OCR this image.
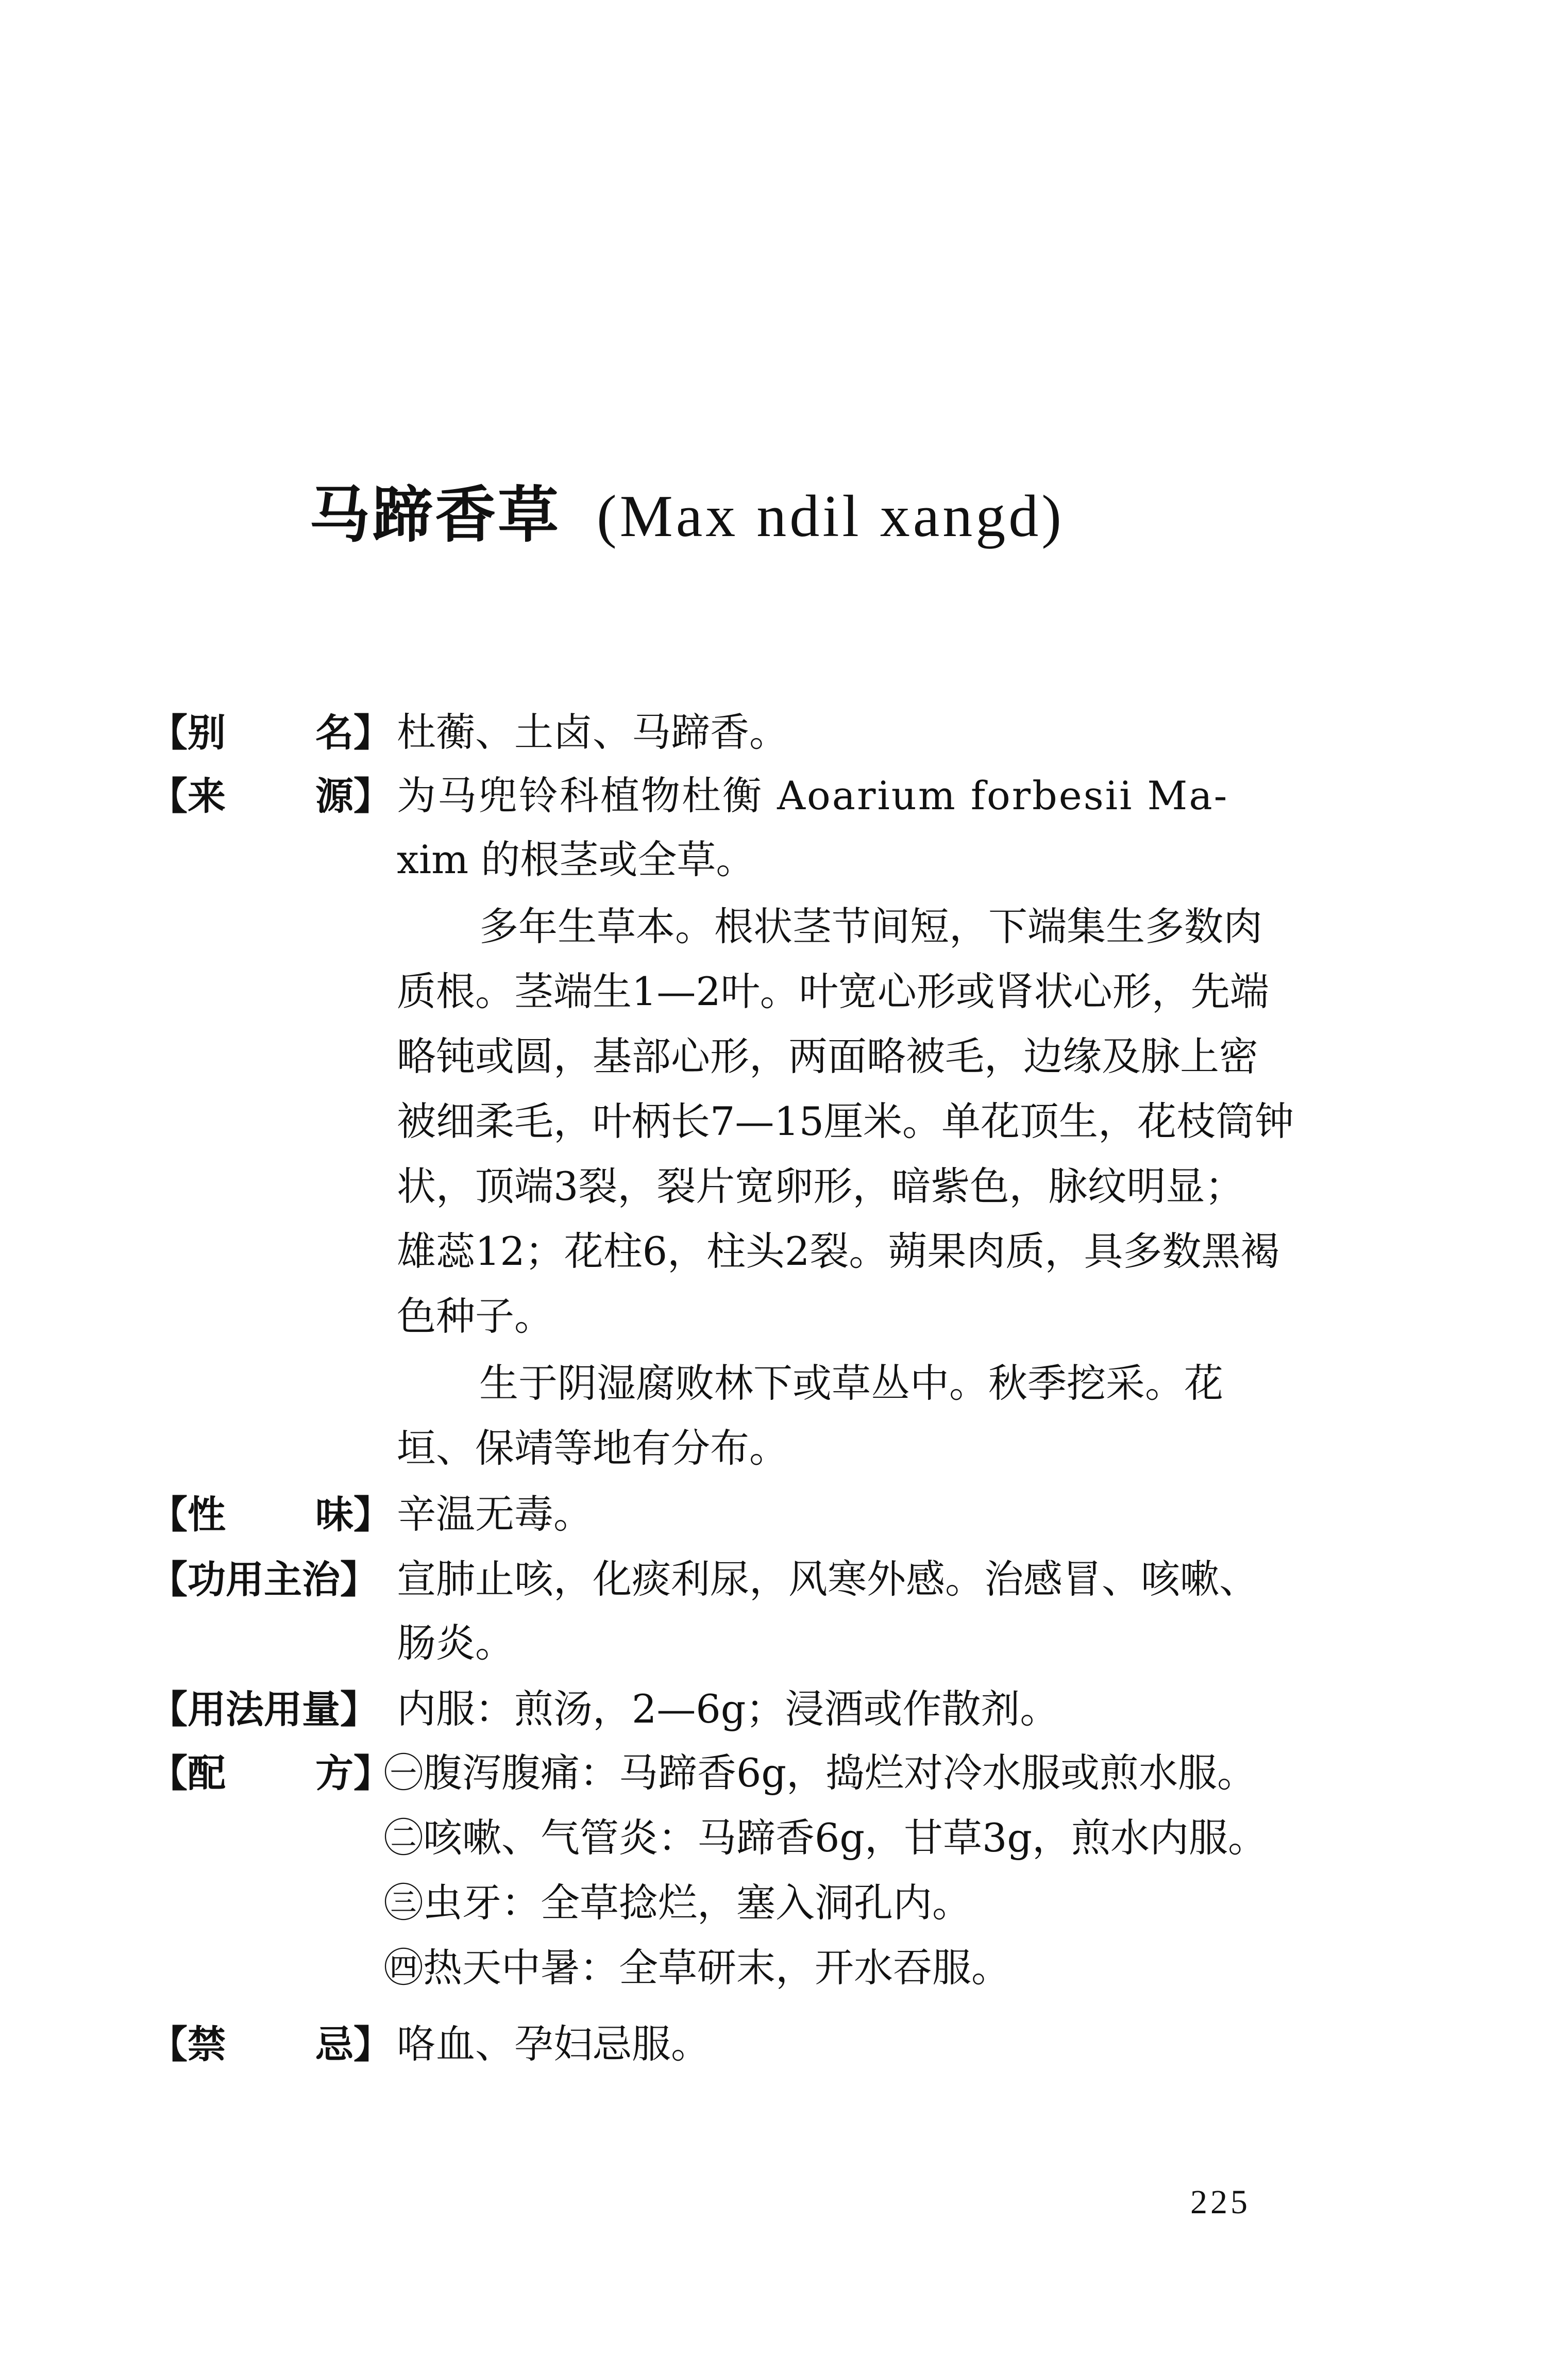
马蹄香草 (Max ndil xangd)
【别 名】 杜蘅、土卤、马蹄香。
【来 源】 为马兜铃科植物杜衡 Aoarium forbesii Ma-
xim 的根茎或全草。
多年生草本。根状茎节间短，下端集生多数肉
质根。茎端生1—2叶。叶宽心形或肾状心形，先端
略钝或圆，基部心形，两面略被毛，边缘及脉上密
被细柔毛，叶柄长7—15厘米。单花顶生，花枝筒钟
状，顶端3裂，裂片宽卵形，暗紫色，脉纹明显；
雄蕊12；花柱6，柱头2裂。蒴果肉质，具多数黑褐
色种子。
生于阴湿腐败林下或草丛中。秋季挖采。花
垣、保靖等地有分布。
【性 味】 辛温无毒。
【功用主治】 宣肺止咳，化痰利尿，风寒外感。治感冒、咳嗽、
肠炎。
【用法用量】 内服：煎汤，2—6g；浸酒或作散剂。
【配 方】
㊀腹泻腹痛：马蹄香6g，捣烂对冷水服或煎水服。
㊁咳嗽、气管炎：马蹄香6g，甘草3g，煎水内服。
㊂虫牙：全草捻烂，塞入洞孔内。
㊃热天中暑：全草研末，开水吞服。
【禁 忌】 咯血、孕妇忌服。
225
